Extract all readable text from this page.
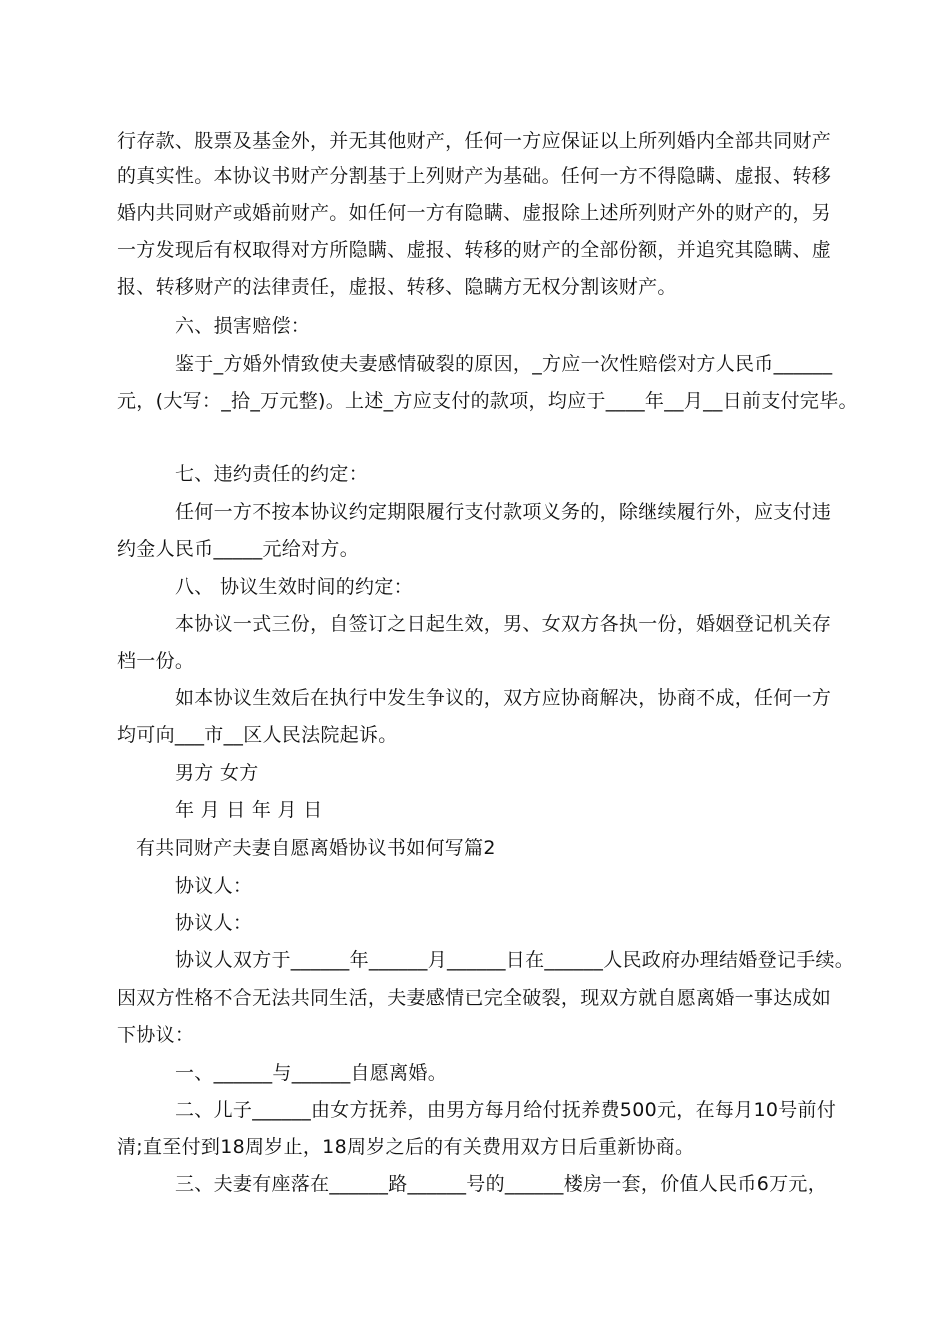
行存款、股票及基金外，并无其他财产，任何一方应保证以上所列婚内全部共同财产
的真实性。本协议书财产分割基于上列财产为基础。任何一方不得隐瞒、虚报、转移
婚内共同财产或婚前财产。如任何一方有隐瞒、虚报除上述所列财产外的财产的，另
一方发现后有权取得对方所隐瞒、虚报、转移的财产的全部份额，并追究其隐瞒、虚
报、转移财产的法律责任，虚报、转移、隐瞒方无权分割该财产。
六、损害赔偿：
鉴于_方婚外情致使夫妻感情破裂的原因，_方应一次性赔偿对方人民币______
元，(大写：_拾_万元整)。上述_方应支付的款项，均应于____年__月__日前支付完毕。
七、违约责任的约定：
任何一方不按本协议约定期限履行支付款项义务的，除继续履行外，应支付违
约金人民币_____元给对方。
八、 协议生效时间的约定：
本协议一式三份，自签订之日起生效，男、女双方各执一份，婚姻登记机关存
档一份。
如本协议生效后在执行中发生争议的，双方应协商解决，协商不成，任何一方
均可向___市__区人民法院起诉。
男方 女方
年 月 日 年 月 日
有共同财产夫妻自愿离婚协议书如何写篇2
协议人：
协议人：
协议人双方于______年______月______日在______人民政府办理结婚登记手续。
因双方性格不合无法共同生活，夫妻感情已完全破裂，现双方就自愿离婚一事达成如
下协议：
一、______与______自愿离婚。
二、儿子______由女方抚养，由男方每月给付抚养费500元，在每月10号前付
清;直至付到18周岁止，18周岁之后的有关费用双方日后重新协商。
三、夫妻有座落在______路______号的______楼房一套，价值人民币6万元，
